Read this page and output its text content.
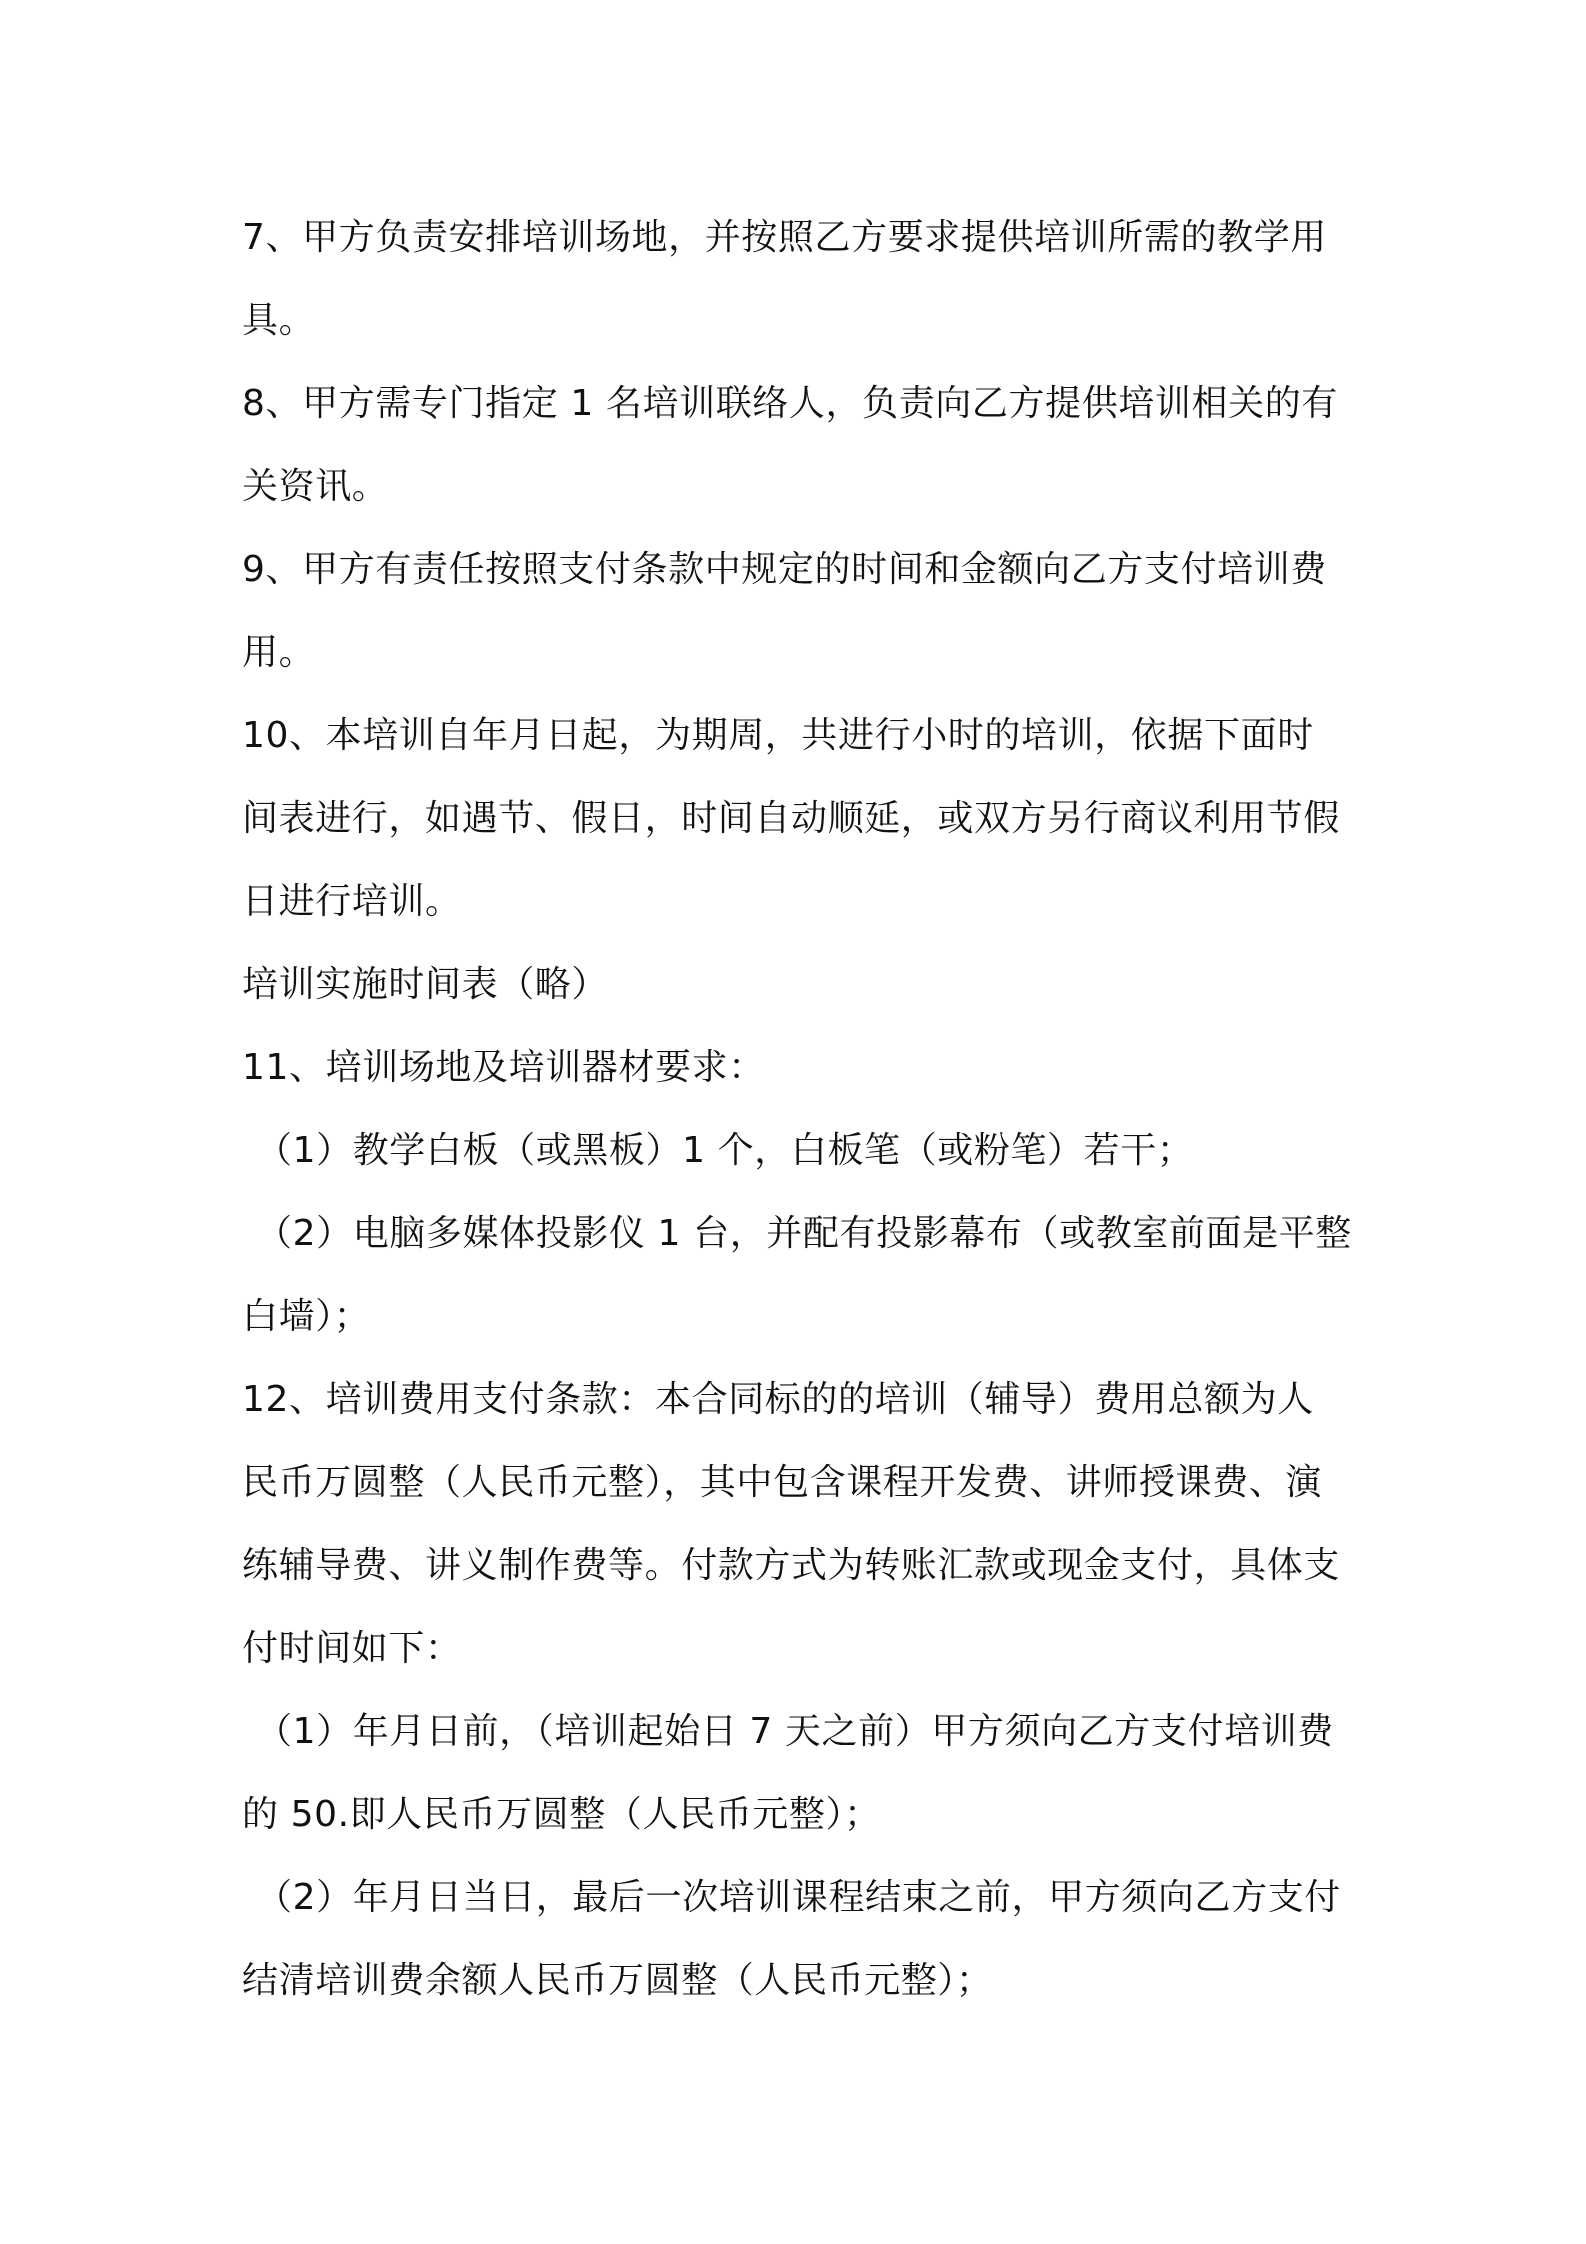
7、甲方负责安排培训场地，并按照乙方要求提供培训所需的教学用
具。
8、甲方需专门指定 1 名培训联络人，负责向乙方提供培训相关的有
关资讯。
9、甲方有责任按照支付条款中规定的时间和金额向乙方支付培训费
用。
10、本培训自年月日起，为期周，共进行小时的培训，依据下面时
间表进行，如遇节、假日，时间自动顺延，或双方另行商议利用节假
日进行培训。
培训实施时间表（略）
11、培训场地及培训器材要求：
（1）教学白板（或黑板）1 个，白板笔（或粉笔）若干；
（2）电脑多媒体投影仪 1 台，并配有投影幕布（或教室前面是平整
白墙）；
12、培训费用支付条款：本合同标的的培训（辅导）费用总额为人
民币万圆整（人民币元整），其中包含课程开发费、讲师授课费、演
练辅导费、讲义制作费等。付款方式为转账汇款或现金支付，具体支
付时间如下：
（1）年月日前，（培训起始日 7 天之前）甲方须向乙方支付培训费
的 50.即人民币万圆整（人民币元整）；
（2）年月日当日，最后一次培训课程结束之前，甲方须向乙方支付
结清培训费余额人民币万圆整（人民币元整）；
